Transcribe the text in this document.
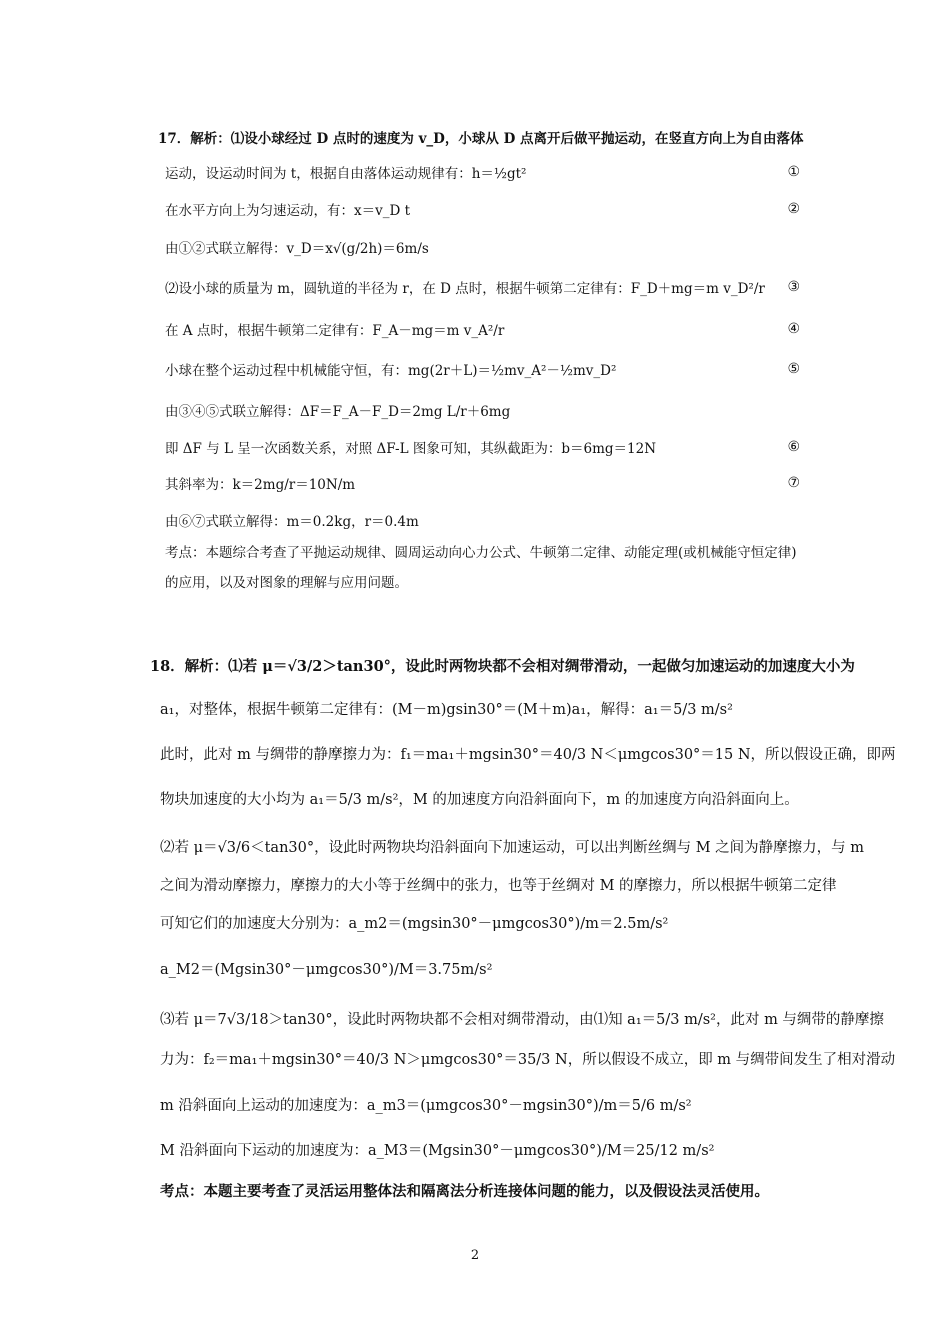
17．解析：⑴设小球经过 D 点时的速度为 v_D，小球从 D 点离开后做平抛运动，在竖直方向上为自由落体
运动，设运动时间为 t，根据自由落体运动规律有：h＝½gt²	①
在水平方向上为匀速运动，有：x＝v_D t	②
由①②式联立解得：v_D＝x√(g/2h)＝6m/s
⑵设小球的质量为 m，圆轨道的半径为 r，在 D 点时，根据牛顿第二定律有：F_D＋mg＝m v_D²/r ③
在 A 点时，根据牛顿第二定律有：F_A－mg＝m v_A²/r	④
小球在整个运动过程中机械能守恒，有：mg(2r＋L)＝½mv_A²－½mv_D²	⑤
由③④⑤式联立解得：ΔF＝F_A－F_D＝2mg L/r＋6mg
即 ΔF 与 L 呈一次函数关系，对照 ΔF-L 图象可知，其纵截距为：b＝6mg＝12N	⑥
其斜率为：k＝2mg/r＝10N/m	⑦
由⑥⑦式联立解得：m＝0.2kg，r＝0.4m
考点：本题综合考查了平抛运动规律、圆周运动向心力公式、牛顿第二定律、动能定理(或机械能守恒定律)
的应用，以及对图象的理解与应用问题。
18．解析：⑴若 μ＝√3/2＞tan30°，设此时两物块都不会相对绸带滑动，一起做匀加速运动的加速度大小为
a₁，对整体，根据牛顿第二定律有：(M－m)gsin30°＝(M＋m)a₁，解得：a₁＝5/3 m/s²
此时，此对 m 与绸带的静摩擦力为：f₁＝ma₁＋mgsin30°＝40/3 N＜μmgcos30°＝15 N，所以假设正确，即两
物块加速度的大小均为 a₁＝5/3 m/s²，M 的加速度方向沿斜面向下，m 的加速度方向沿斜面向上。
⑵若 μ＝√3/6＜tan30°，设此时两物块均沿斜面向下加速运动，可以出判断丝绸与 M 之间为静摩擦力，与 m
之间为滑动摩擦力，摩擦力的大小等于丝绸中的张力，也等于丝绸对 M 的摩擦力，所以根据牛顿第二定律
可知它们的加速度大分别为：a_m2＝(mgsin30°－μmgcos30°)/m＝2.5m/s²
a_M2＝(Mgsin30°－μmgcos30°)/M＝3.75m/s²
⑶若 μ＝7√3/18＞tan30°，设此时两物块都不会相对绸带滑动，由⑴知 a₁＝5/3 m/s²，此对 m 与绸带的静摩擦
力为：f₂＝ma₁＋mgsin30°＝40/3 N＞μmgcos30°＝35/3 N，所以假设不成立，即 m 与绸带间发生了相对滑动
m 沿斜面向上运动的加速度为：a_m3＝(μmgcos30°－mgsin30°)/m＝5/6 m/s²
M 沿斜面向下运动的加速度为：a_M3＝(Mgsin30°－μmgcos30°)/M＝25/12 m/s²
考点：本题主要考查了灵活运用整体法和隔离法分析连接体问题的能力，以及假设法灵活使用。
2
